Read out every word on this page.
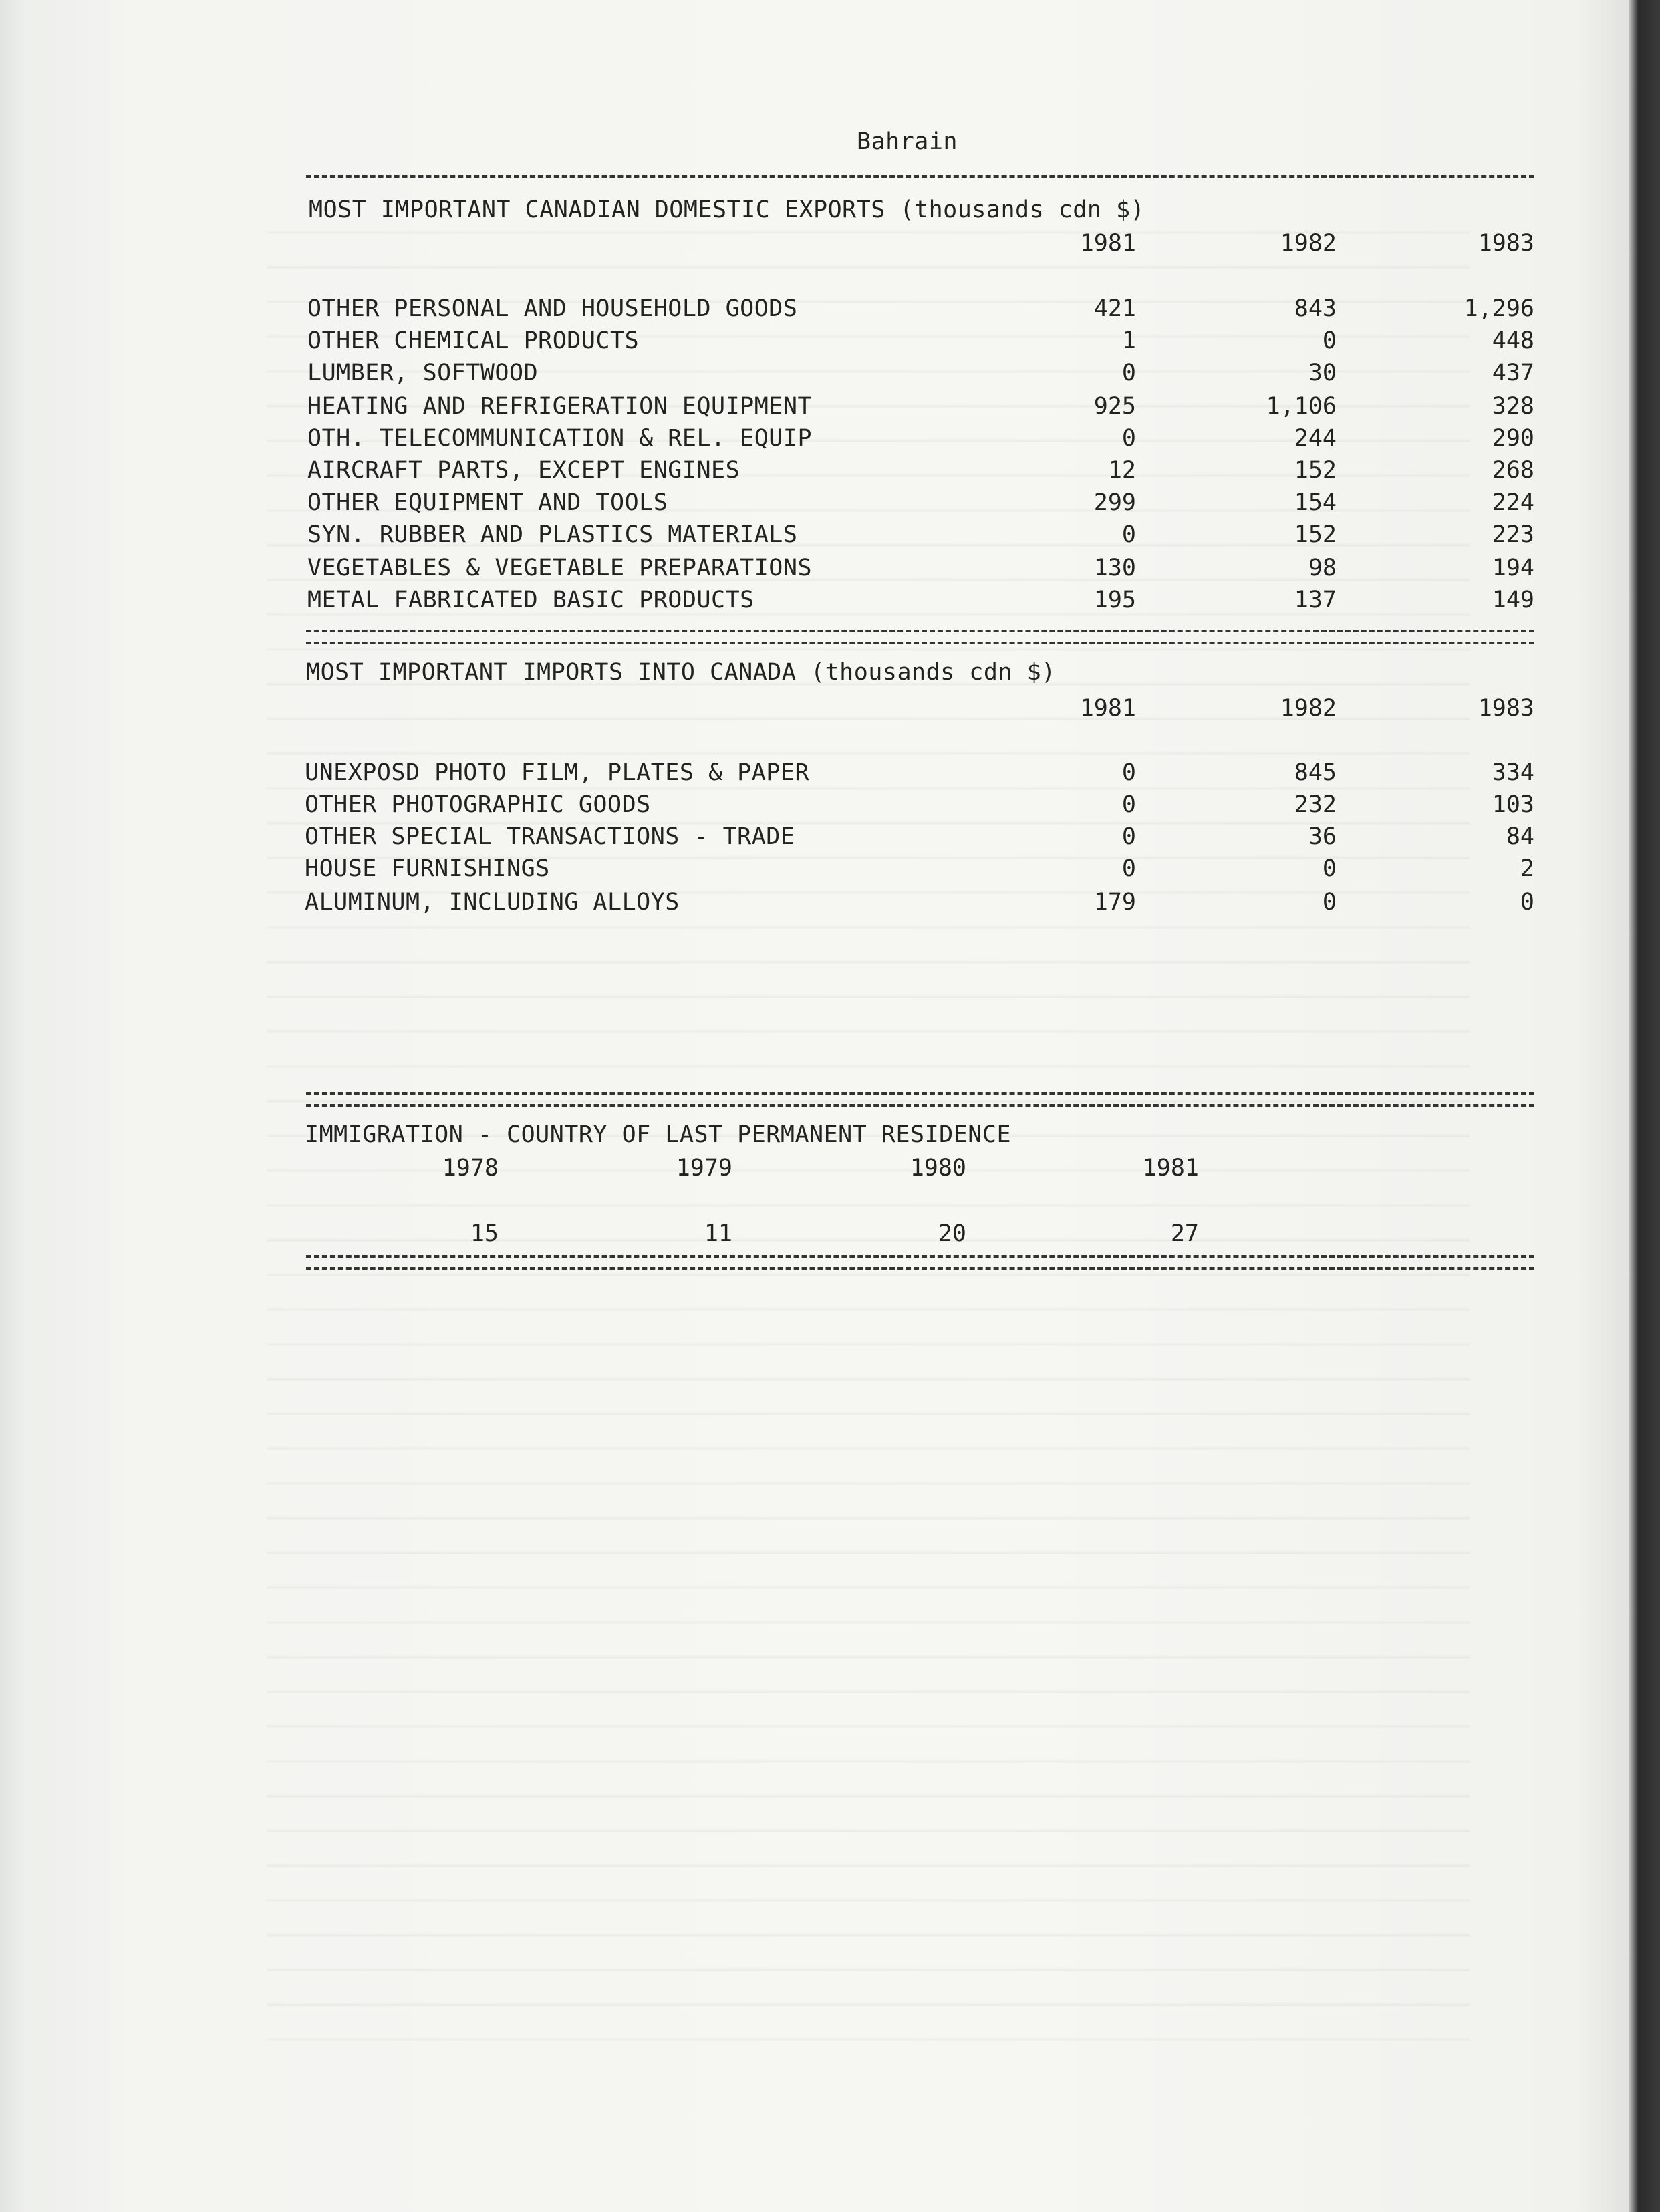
Bahrain
MOST IMPORTANT CANADIAN DOMESTIC EXPORTS (thousands cdn $)
1981	1982	1983
OTHER PERSONAL AND HOUSEHOLD GOODS	421	843	1,296
OTHER CHEMICAL PRODUCTS	1	0	448
LUMBER, SOFTWOOD	0	30	437
HEATING AND REFRIGERATION EQUIPMENT	925	1,106	328
OTH. TELECOMMUNICATION & REL. EQUIP	0	244	290
AIRCRAFT PARTS, EXCEPT ENGINES	12	152	268
OTHER EQUIPMENT AND TOOLS	299	154	224
SYN. RUBBER AND PLASTICS MATERIALS	0	152	223
VEGETABLES & VEGETABLE PREPARATIONS	130	98	194
METAL FABRICATED BASIC PRODUCTS	195	137	149
MOST IMPORTANT IMPORTS INTO CANADA (thousands cdn $)
1981	1982	1983
UNEXPOSD PHOTO FILM, PLATES & PAPER	0	845	334
OTHER PHOTOGRAPHIC GOODS	0	232	103
OTHER SPECIAL TRANSACTIONS - TRADE	0	36	84
HOUSE FURNISHINGS	0	0	2
ALUMINUM, INCLUDING ALLOYS	179	0	0
IMMIGRATION - COUNTRY OF LAST PERMANENT RESIDENCE
1978	1979	1980	1981
15	11	20	27
